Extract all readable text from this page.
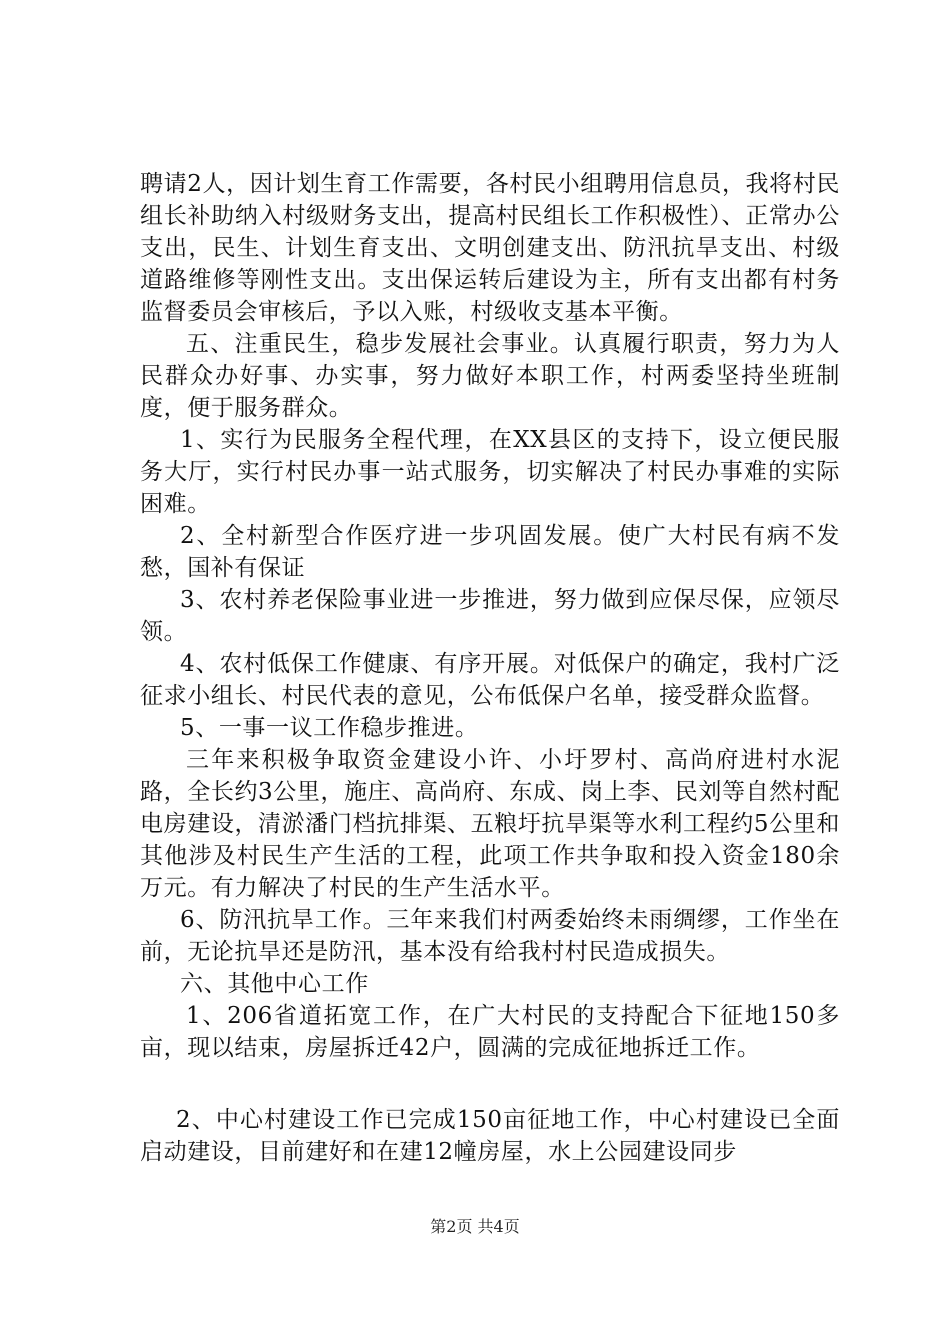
聘请2人，因计划生育工作需要，各村民小组聘用信息员，我将村民组长补助纳入村级财务支出，提高村民组长工作积极性）、正常办公支出，民生、计划生育支出、文明创建支出、防汛抗旱支出、村级道路维修等刚性支出。支出保运转后建设为主，所有支出都有村务监督委员会审核后，予以入账，村级收支基本平衡。

五、注重民生，稳步发展社会事业。认真履行职责，努力为人民群众办好事、办实事，努力做好本职工作，村两委坚持坐班制度，便于服务群众。

1、实行为民服务全程代理，在XX县区的支持下，设立便民服务大厅，实行村民办事一站式服务，切实解决了村民办事难的实际困难。

2、全村新型合作医疗进一步巩固发展。使广大村民有病不发愁，国补有保证

3、农村养老保险事业进一步推进，努力做到应保尽保，应领尽领。

4、农村低保工作健康、有序开展。对低保户的确定，我村广泛征求小组长、村民代表的意见，公布低保户名单，接受群众监督。

5、一事一议工作稳步推进。

三年来积极争取资金建设小许、小圩罗村、高尚府进村水泥路，全长约3公里，施庄、高尚府、东成、岗上李、民刘等自然村配电房建设，清淤潘门档抗排渠、五粮圩抗旱渠等水利工程约5公里和其他涉及村民生产生活的工程，此项工作共争取和投入资金180余万元。有力解决了村民的生产生活水平。

6、防汛抗旱工作。三年来我们村两委始终未雨绸缪，工作坐在前，无论抗旱还是防汛，基本没有给我村村民造成损失。

六、其他中心工作

1、206省道拓宽工作，在广大村民的支持配合下征地150多亩，现以结束，房屋拆迁42户，圆满的完成征地拆迁工作。

2、中心村建设工作已完成150亩征地工作，中心村建设已全面启动建设，目前建好和在建12幢房屋，水上公园建设同步

第2页 共4页
